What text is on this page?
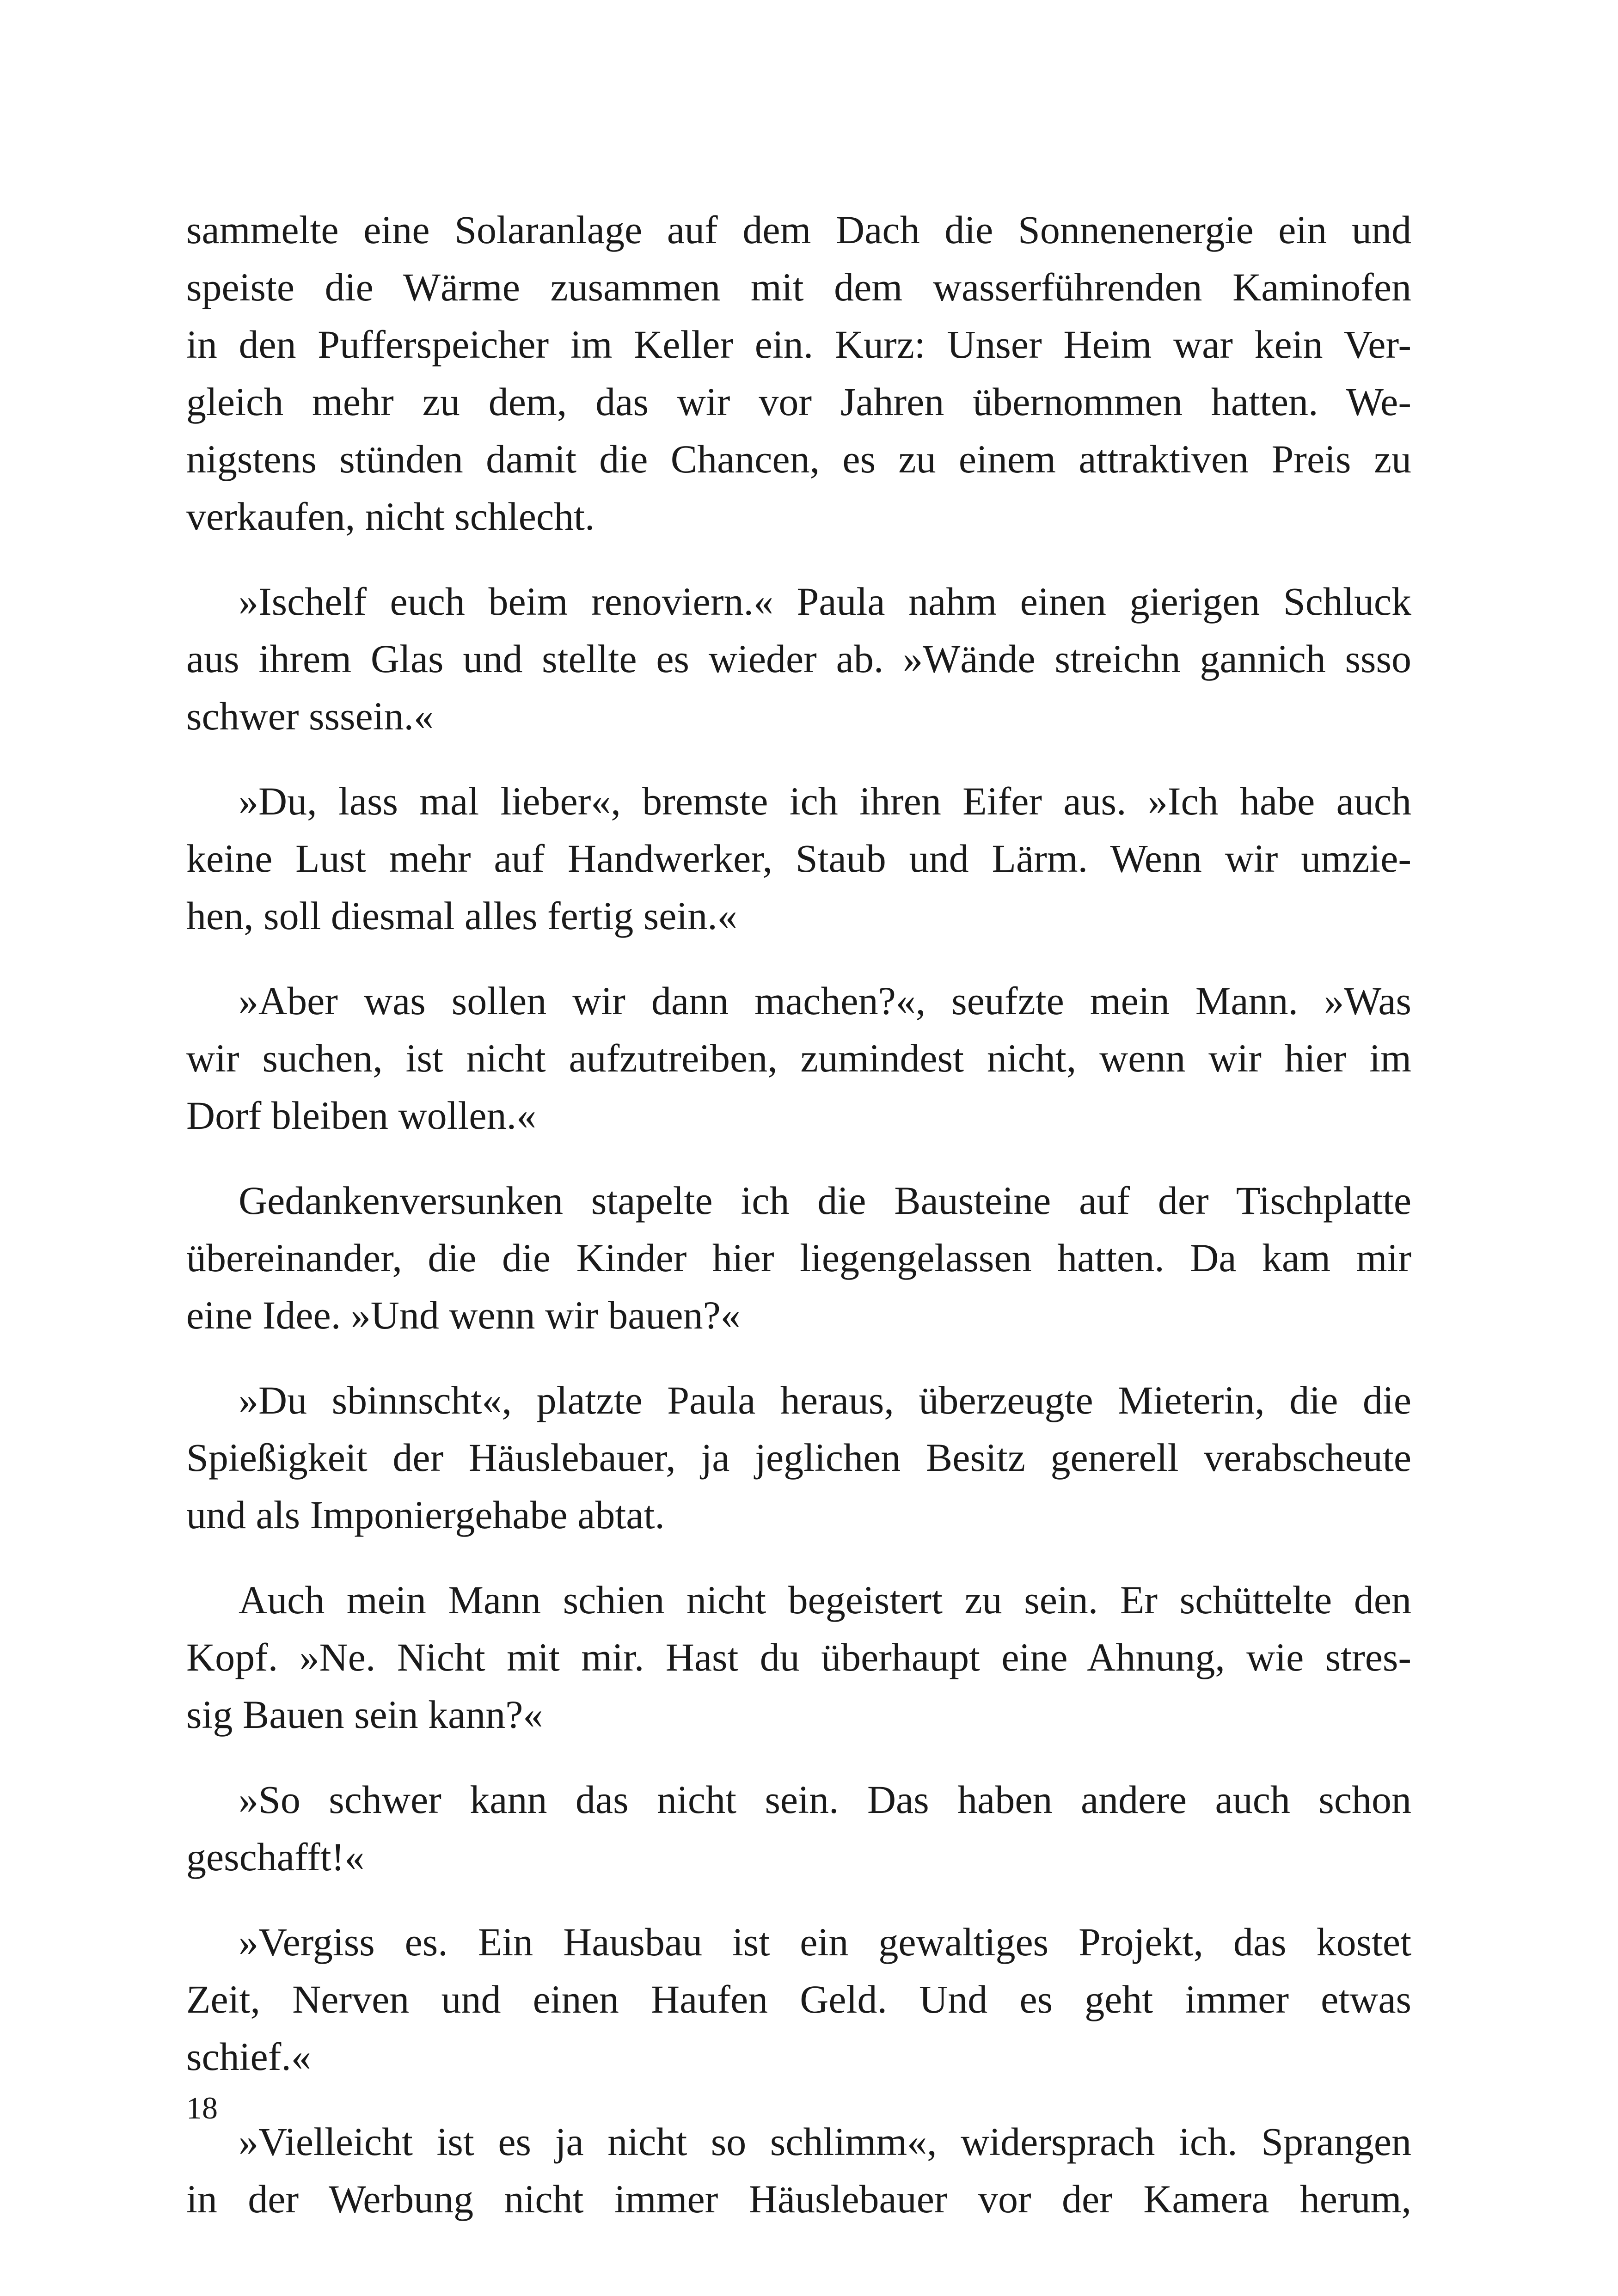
sammelte eine Solaranlage auf dem Dach die Sonnenenergie ein und
speiste die Wärme zusammen mit dem wasserführenden Kaminofen
in den Pufferspeicher im Keller ein. Kurz: Unser Heim war kein Ver-
gleich mehr zu dem, das wir vor Jahren übernommen hatten. We-
nigstens stünden damit die Chancen, es zu einem attraktiven Preis zu
verkaufen, nicht schlecht.

»Ischelf euch beim renoviern.« Paula nahm einen gierigen Schluck
aus ihrem Glas und stellte es wieder ab. »Wände streichn gannich ssso
schwer sssein.«

»Du, lass mal lieber«, bremste ich ihren Eifer aus. »Ich habe auch
keine Lust mehr auf Handwerker, Staub und Lärm. Wenn wir umzie-
hen, soll diesmal alles fertig sein.«

»Aber was sollen wir dann machen?«, seufzte mein Mann. »Was
wir suchen, ist nicht aufzutreiben, zumindest nicht, wenn wir hier im
Dorf bleiben wollen.«

Gedankenversunken stapelte ich die Bausteine auf der Tischplatte
übereinander, die die Kinder hier liegengelassen hatten. Da kam mir
eine Idee. »Und wenn wir bauen?«

»Du sbinnscht«, platzte Paula heraus, überzeugte Mieterin, die die
Spießigkeit der Häuslebauer, ja jeglichen Besitz generell verabscheute
und als Imponiergehabe abtat.

Auch mein Mann schien nicht begeistert zu sein. Er schüttelte den
Kopf. »Ne. Nicht mit mir. Hast du überhaupt eine Ahnung, wie stres-
sig Bauen sein kann?«

»So schwer kann das nicht sein. Das haben andere auch schon
geschafft!«

»Vergiss es. Ein Hausbau ist ein gewaltiges Projekt, das kostet
Zeit, Nerven und einen Haufen Geld. Und es geht immer etwas
schief.«

»Vielleicht ist es ja nicht so schlimm«, widersprach ich. Sprangen
in der Werbung nicht immer Häuslebauer vor der Kamera herum,

18
